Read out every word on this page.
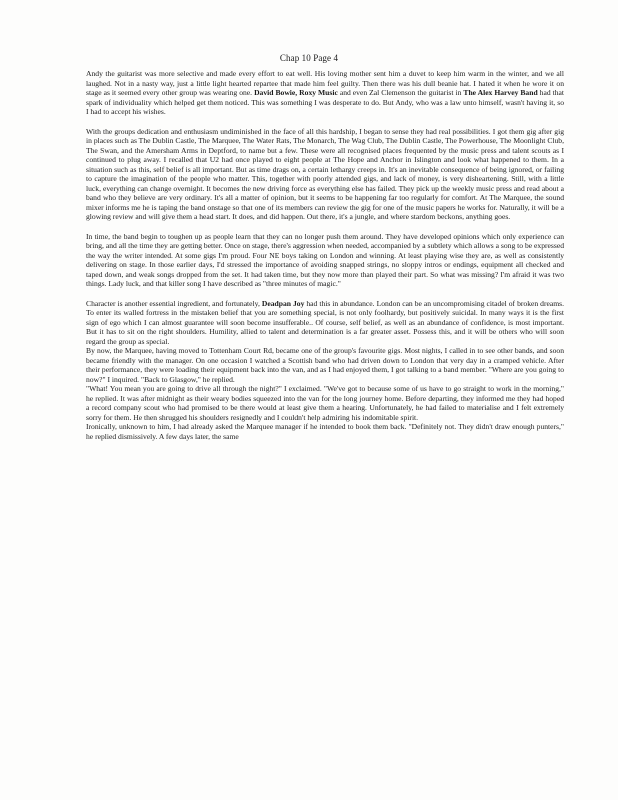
Chap 10 Page 4

Andy the guitarist was more selective and made every effort to eat well. His loving mother sent him a duvet to keep him warm in the winter, and we all laughed. Not in a nasty way, just a little light hearted repartee that made him feel guilty. Then there was his dull beanie hat. I hated it when he wore it on stage as it seemed every other group was wearing one. David Bowie, Roxy Music and even Zal Clemenson the guitarist in The Alex Harvey Band had that spark of individuality which helped get them noticed. This was something I was desperate to do. But Andy, who was a law unto himself, wasn't having it, so I had to accept his wishes.

With the groups dedication and enthusiasm undiminished in the face of all this hardship, I began to sense they had real possibilities. I got them gig after gig in places such as The Dublin Castle, The Marquee, The Water Rats, The Monarch, The Wag Club, The Dublin Castle, The Powerhouse, The Moonlight Club, The Swan, and the Amersham Arms in Deptford, to name but a few. These were all recognised places frequented by the music press and talent scouts as I continued to plug away. I recalled that U2 had once played to eight people at The Hope and Anchor in Islington and look what happened to them. In a situation such as this, self belief is all important. But as time drags on, a certain lethargy creeps in. It's an inevitable consequence of being ignored, or failing to capture the imagination of the people who matter. This, together with poorly attended gigs, and lack of money, is very disheartening. Still, with a little luck, everything can change overnight. It becomes the new driving force as everything else has failed. They pick up the weekly music press and read about a band who they believe are very ordinary. It's all a matter of opinion, but it seems to be happening far too regularly for comfort. At The Marquee, the sound mixer informs me he is taping the band onstage so that one of its members can review the gig for one of the music papers he works for. Naturally, it will be a glowing review and will give them a head start. It does, and did happen. Out there, it's a jungle, and where stardom beckons, anything goes.

In time, the band begin to toughen up as people learn that they can no longer push them around. They have developed opinions which only experience can bring, and all the time they are getting better. Once on stage, there's aggression when needed, accompanied by a subtlety which allows a song to be expressed the way the writer intended. At some gigs I'm proud. Four NE boys taking on London and winning. At least playing wise they are, as well as consistently delivering on stage. In those earlier days, I'd stressed the importance of avoiding snapped strings, no sloppy intros or endings, equipment all checked and taped down, and weak songs dropped from the set. It had taken time, but they now more than played their part. So what was missing? I'm afraid it was two things. Lady luck, and that killer song I have described as "three minutes of magic."

Character is another essential ingredient, and fortunately, Deadpan Joy had this in abundance. London can be an uncompromising citadel of broken dreams. To enter its walled fortress in the mistaken belief that you are something special, is not only foolhardy, but positively suicidal. In many ways it is the first sign of ego which I can almost guarantee will soon become insufferable.. Of course, self belief, as well as an abundance of confidence, is most important. But it has to sit on the right shoulders. Humility, allied to talent and determination is a far greater asset. Possess this, and it will be others who will soon regard the group as special.

By now, the Marquee, having moved to Tottenham Court Rd, became one of the group's favourite gigs. Most nights, I called in to see other bands, and soon became friendly with the manager. On one occasion I watched a Scottish band who had driven down to London that very day in a cramped vehicle. After their performance, they were loading their equipment back into the van, and as I had enjoyed them, I got talking to a band member. "Where are you going to now?" I inquired. "Back to Glasgow," he replied.

"What! You mean you are going to drive all through the night?" I exclaimed. "We've got to because some of us have to go straight to work in the morning," he replied. It was after midnight as their weary bodies squeezed into the van for the long journey home. Before departing, they informed me they had hoped a record company scout who had promised to be there would at least give them a hearing. Unfortunately, he had failed to materialise and I felt extremely sorry for them. He then shrugged his shoulders resignedly and I couldn't help admiring his indomitable spirit.

Ironically, unknown to him, I had already asked the Marquee manager if he intended to book them back. "Definitely not. They didn't draw enough punters," he replied dismissively. A few days later, the same
